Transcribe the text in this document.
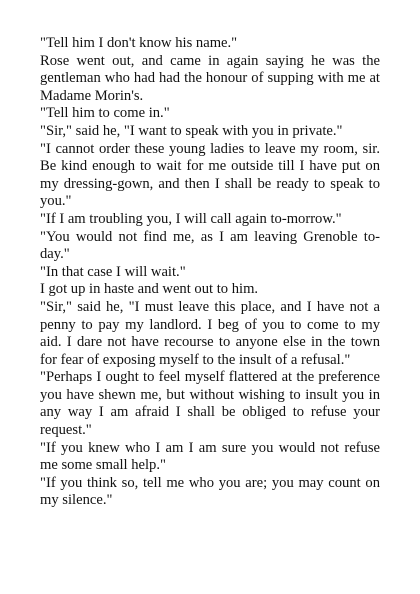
"Tell him I don't know his name."

Rose went out, and came in again saying he was the gentleman who had had the honour of supping with me at Madame Morin's.

"Tell him to come in."

"Sir," said he, "I want to speak with you in private."

"I cannot order these young ladies to leave my room, sir. Be kind enough to wait for me outside till I have put on my dressing-gown, and then I shall be ready to speak to you."

"If I am troubling you, I will call again to-morrow."

"You would not find me, as I am leaving Grenoble to-day."

"In that case I will wait."

I got up in haste and went out to him.

"Sir," said he, "I must leave this place, and I have not a penny to pay my landlord. I beg of you to come to my aid. I dare not have recourse to anyone else in the town for fear of exposing myself to the insult of a refusal."

"Perhaps I ought to feel myself flattered at the preference you have shewn me, but without wishing to insult you in any way I am afraid I shall be obliged to refuse your request."

"If you knew who I am I am sure you would not refuse me some small help."

"If you think so, tell me who you are; you may count on my silence."
